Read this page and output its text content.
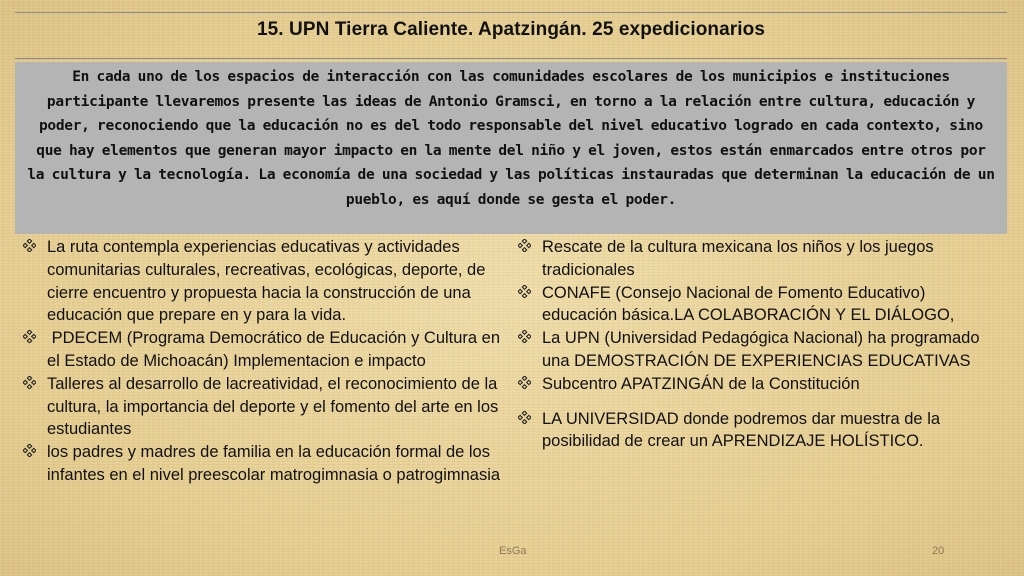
15. UPN Tierra Caliente. Apatzingán. 25 expedicionarios

En cada uno de los espacios de interacción con las comunidades escolares de los municipios e instituciones participante llevaremos presente las ideas de Antonio Gramsci, en torno a la relación entre cultura, educación y poder, reconociendo que la educación no es del todo responsable del nivel educativo logrado en cada contexto, sino que hay elementos que generan mayor impacto en la mente del niño y el joven, estos están enmarcados entre otros por la cultura y la tecnología. La economía de una sociedad y las políticas instauradas que determinan la educación de un pueblo, es aquí donde se gesta el poder.

La ruta contempla experiencias educativas y actividades comunitarias culturales, recreativas, ecológicas, deporte, de cierre encuentro y propuesta hacia la construcción de una educación que prepare en y para la vida.
PDECEM (Programa Democrático de Educación y Cultura en el Estado de Michoacán) Implementacion e impacto
Talleres al desarrollo de lacreatividad, el reconocimiento de la cultura, la importancia del deporte y el fomento del arte en los estudiantes
los padres y madres de familia en la educación formal de los infantes en el nivel preescolar matrogimnasia o patrogimnasia
Rescate de la cultura mexicana los niños y los juegos tradicionales
CONAFE (Consejo Nacional de Fomento Educativo) educación básica.LA COLABORACIÓN Y EL DIÁLOGO,
La UPN (Universidad Pedagógica Nacional) ha programado una DEMOSTRACIÓN DE EXPERIENCIAS EDUCATIVAS
Subcentro APATZINGÁN de la Constitución
LA UNIVERSIDAD donde podremos dar muestra de la posibilidad de crear un APRENDIZAJE HOLÍSTICO.
EsGa	20
